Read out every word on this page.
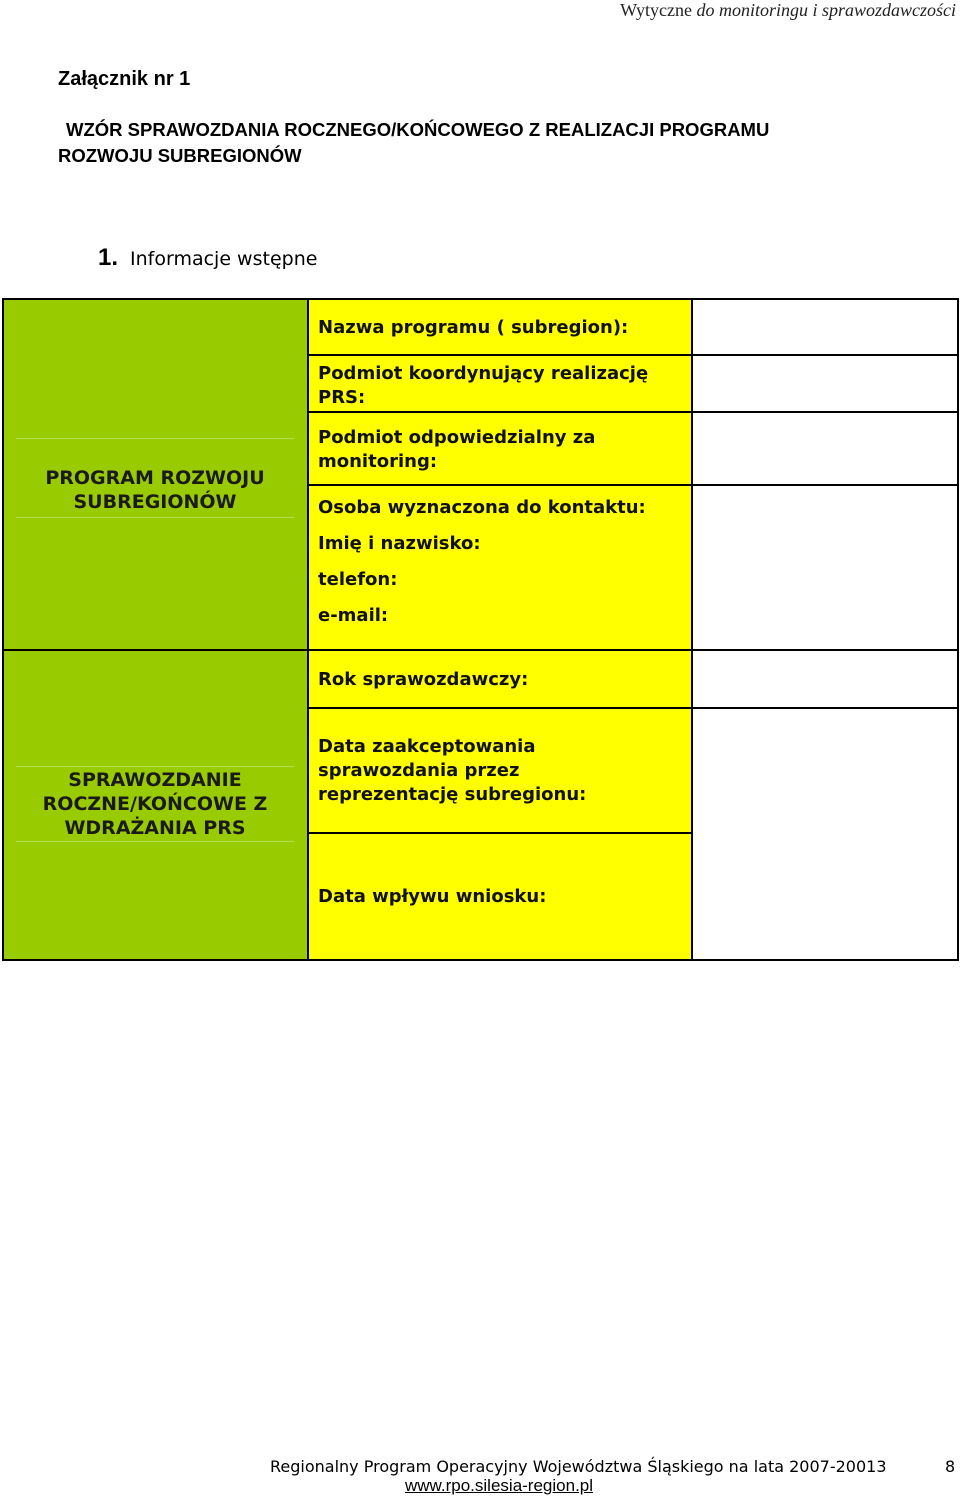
Wytyczne do monitoringu i sprawozdawczości
Załącznik nr 1
WZÓR SPRAWOZDANIA ROCZNEGO/KOŃCOWEGO Z REALIZACJI PROGRAMU
ROZWOJU SUBREGIONÓW
1. Informacje wstępne
PROGRAM ROZWOJU SUBREGIONÓW
SPRAWOZDANIE ROCZNE/KOŃCOWE Z WDRAŻANIA PRS
Nazwa programu ( subregion):
Podmiot koordynujący realizację PRS:
Podmiot odpowiedzialny za monitoring:
Osoba wyznaczona do kontaktu:
Imię i nazwisko:
telefon:
e-mail:
Rok sprawozdawczy:
Data zaakceptowania sprawozdania przez reprezentację subregionu:
Data wpływu wniosku:
Regionalny Program Operacyjny Województwa Śląskiego na lata 2007-20013	8
www.rpo.silesia-region.pl
